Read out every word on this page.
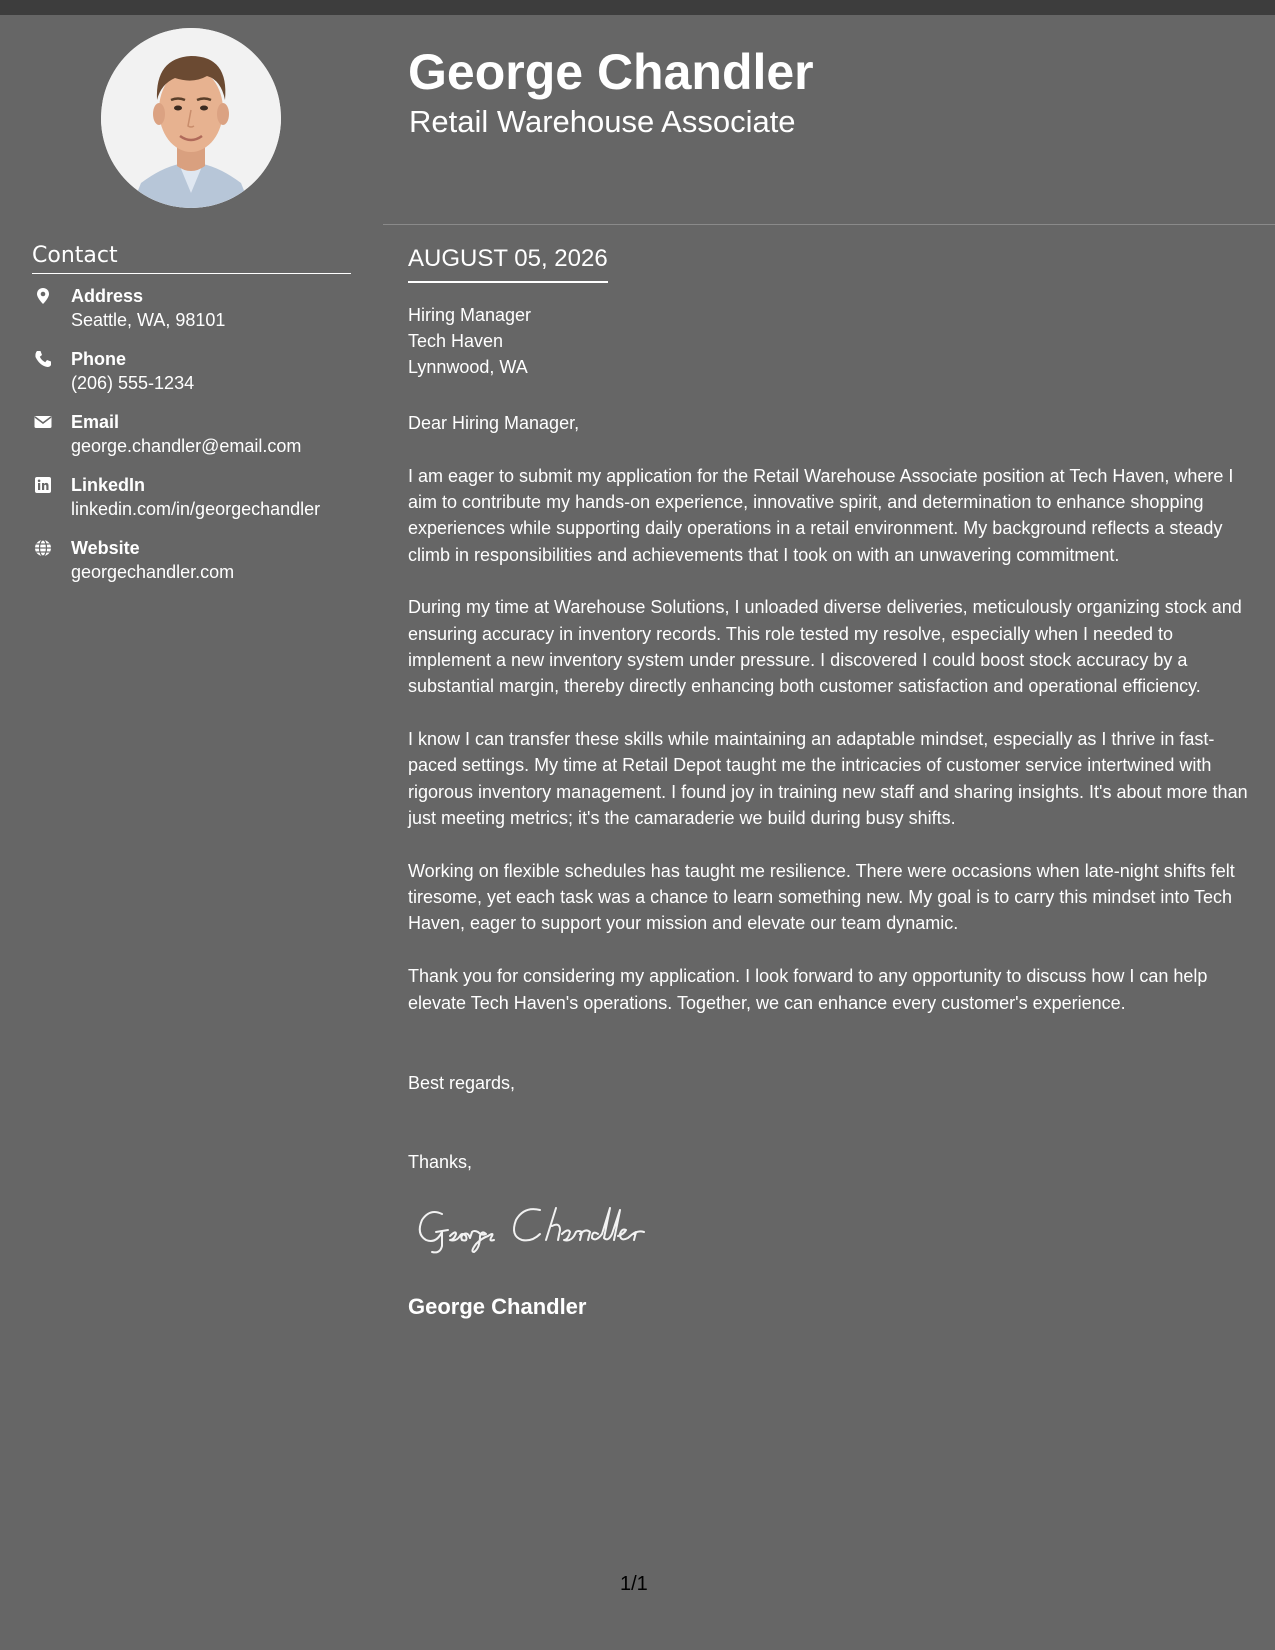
Contact
Address
Seattle, WA, 98101
Phone
(206) 555-1234
Email
george.chandler@email.com
LinkedIn
linkedin.com/in/georgechandler
Website
georgechandler.com
George Chandler
Retail Warehouse Associate
AUGUST 05, 2026
Hiring Manager
Tech Haven
Lynnwood, WA

Dear Hiring Manager,

I am eager to submit my application for the Retail Warehouse Associate position at Tech Haven, where I aim to contribute my hands-on experience, innovative spirit, and determination to enhance shopping experiences while supporting daily operations in a retail environment. My background reflects a steady climb in responsibilities and achievements that I took on with an unwavering commitment.

During my time at Warehouse Solutions, I unloaded diverse deliveries, meticulously organizing stock and ensuring accuracy in inventory records. This role tested my resolve, especially when I needed to implement a new inventory system under pressure. I discovered I could boost stock accuracy by a substantial margin, thereby directly enhancing both customer satisfaction and operational efficiency.

I know I can transfer these skills while maintaining an adaptable mindset, especially as I thrive in fast-paced settings. My time at Retail Depot taught me the intricacies of customer service intertwined with rigorous inventory management. I found joy in training new staff and sharing insights. It's about more than just meeting metrics; it's the camaraderie we build during busy shifts.

Working on flexible schedules has taught me resilience. There were occasions when late-night shifts felt tiresome, yet each task was a chance to learn something new. My goal is to carry this mindset into Tech Haven, eager to support your mission and elevate our team dynamic.

Thank you for considering my application. I look forward to any opportunity to discuss how I can help elevate Tech Haven's operations. Together, we can enhance every customer's experience.

Best regards,
Thanks,
George Chandler
1/1
